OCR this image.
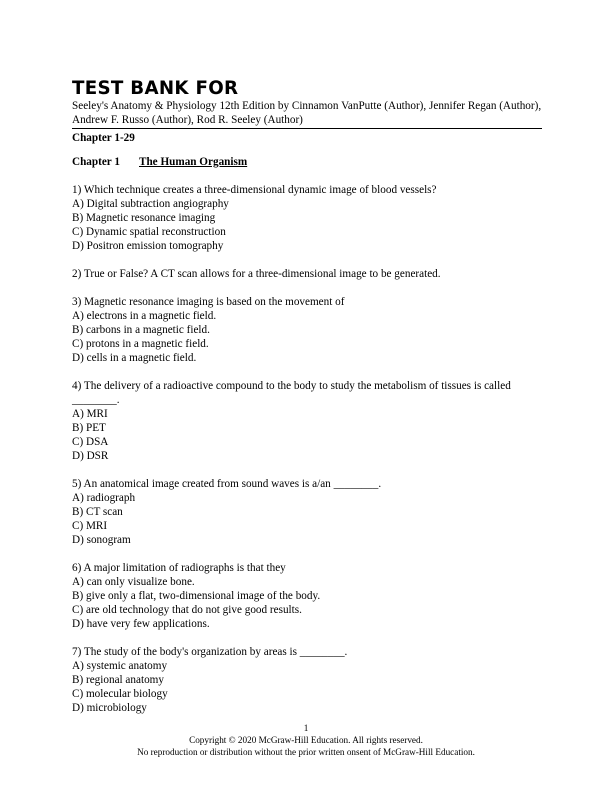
TEST BANK FOR
Seeley's Anatomy & Physiology 12th Edition by Cinnamon VanPutte (Author), Jennifer Regan (Author), Andrew F. Russo (Author), Rod R. Seeley (Author)
Chapter 1-29
Chapter 1 The Human Organism

1) Which technique creates a three-dimensional dynamic image of blood vessels?

A) Digital subtraction angiography

B) Magnetic resonance imaging

C) Dynamic spatial reconstruction

D) Positron emission tomography

2) True or False? A CT scan allows for a three-dimensional image to be generated.

3) Magnetic resonance imaging is based on the movement of

A) electrons in a magnetic field.

B) carbons in a magnetic field.

C) protons in a magnetic field.

D) cells in a magnetic field.

4) The delivery of a radioactive compound to the body to study the metabolism of tissues is called ________.

A) MRI

B) PET

C) DSA

D) DSR

5) An anatomical image created from sound waves is a/an ________.

A) radiograph

B) CT scan

C) MRI

D) sonogram

6) A major limitation of radiographs is that they

A) can only visualize bone.

B) give only a flat, two-dimensional image of the body.

C) are old technology that do not give good results.

D) have very few applications.

7) The study of the body's organization by areas is ________.

A) systemic anatomy

B) regional anatomy

C) molecular biology

D) microbiology

1
Copyright © 2020 McGraw-Hill Education. All rights reserved.
No reproduction or distribution without the prior written onsent of McGraw-Hill Education.
